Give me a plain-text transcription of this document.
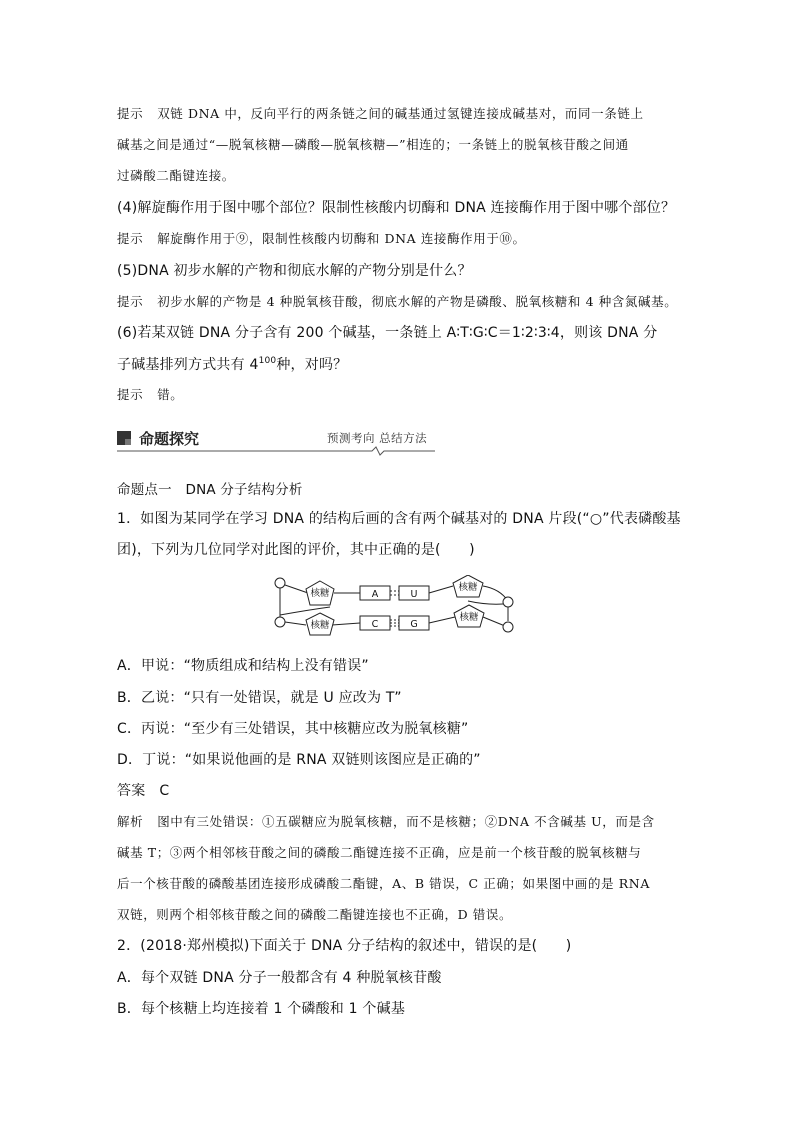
提示 双链 DNA 中，反向平行的两条链之间的碱基通过氢键连接成碱基对，而同一条链上
碱基之间是通过“—脱氧核糖—磷酸—脱氧核糖—”相连的；一条链上的脱氧核苷酸之间通
过磷酸二酯键连接。
(4)解旋酶作用于图中哪个部位？限制性核酸内切酶和 DNA 连接酶作用于图中哪个部位？
提示 解旋酶作用于⑨，限制性核酸内切酶和 DNA 连接酶作用于⑩。
(5)DNA 初步水解的产物和彻底水解的产物分别是什么？
提示 初步水解的产物是 4 种脱氧核苷酸，彻底水解的产物是磷酸、脱氧核糖和 4 种含氮碱基。
(6)若某双链 DNA 分子含有 200 个碱基，一条链上 A∶T∶G∶C＝1∶2∶3∶4，则该 DNA 分
子碱基排列方式共有 $4^{100}$种，对吗？
提示 错。
命题探究	预测考向 总结方法
命题点一　DNA 分子结构分析
1．如图为某同学在学习 DNA 的结构后画的含有两个碱基对的 DNA 片段(“○”代表磷酸基
团)，下列为几位同学对此图的评价，其中正确的是(　　)
核糖
核糖
核糖
核糖
A	U
C	G
A．甲说：“物质组成和结构上没有错误”
B．乙说：“只有一处错误，就是 U 应改为 T”
C．丙说：“至少有三处错误，其中核糖应改为脱氧核糖”
D．丁说：“如果说他画的是 RNA 双链则该图应是正确的”
答案 C
解析 图中有三处错误：①五碳糖应为脱氧核糖，而不是核糖；②DNA 不含碱基 U，而是含
碱基 T；③两个相邻核苷酸之间的磷酸二酯键连接不正确，应是前一个核苷酸的脱氧核糖与
后一个核苷酸的磷酸基团连接形成磷酸二酯键，A、B 错误，C 正确；如果图中画的是 RNA
双链，则两个相邻核苷酸之间的磷酸二酯键连接也不正确，D 错误。
2．(2018·郑州模拟)下面关于 DNA 分子结构的叙述中，错误的是(　　)
A．每个双链 DNA 分子一般都含有 4 种脱氧核苷酸
B．每个核糖上均连接着 1 个磷酸和 1 个碱基
